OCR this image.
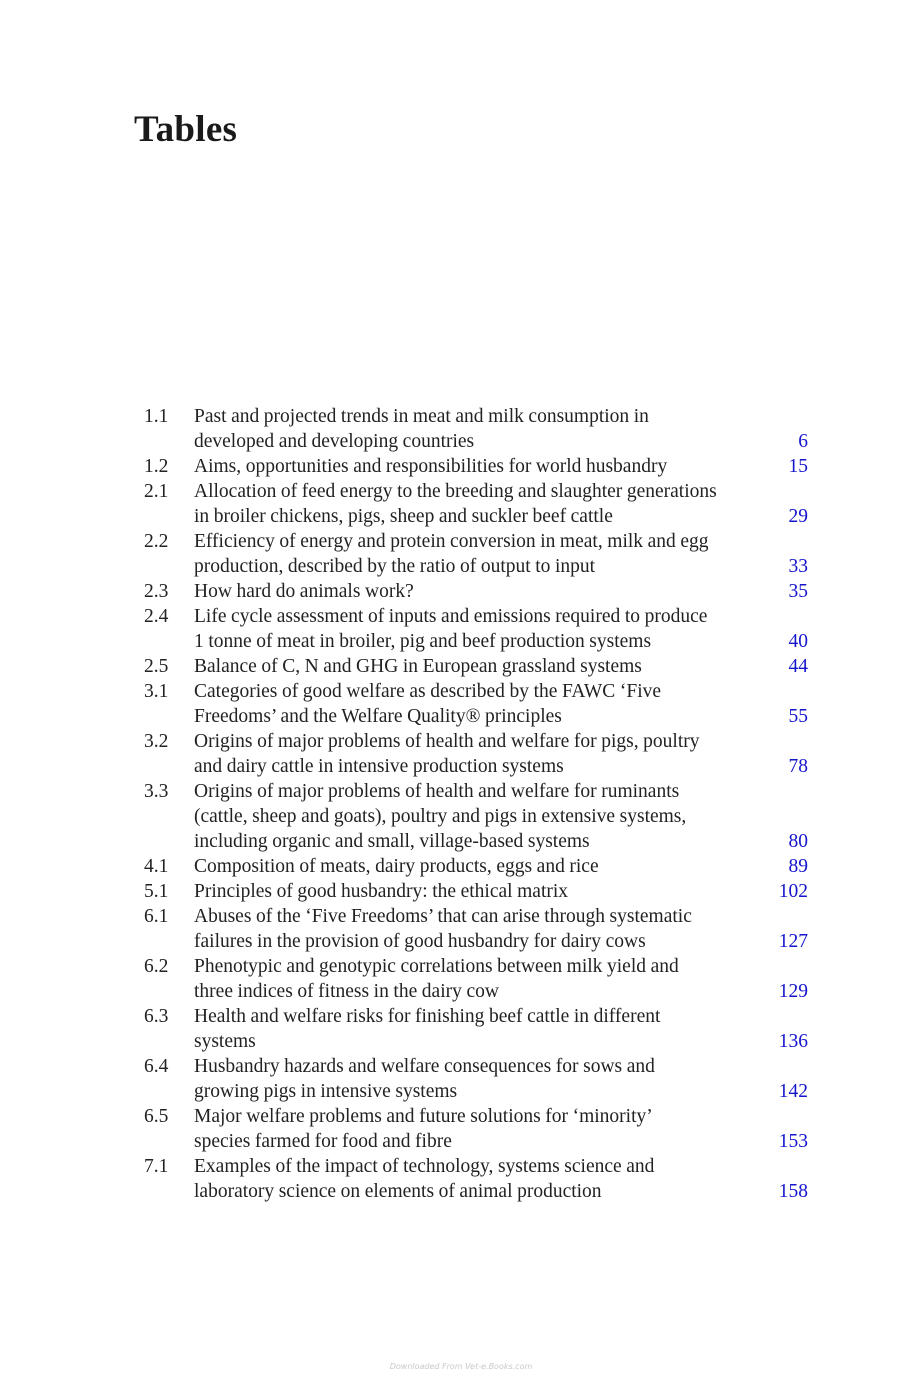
Tables
1.1	Past and projected trends in meat and milk consumption in
developed and developing countries	6
1.2	Aims, opportunities and responsibilities for world husbandry	15
2.1	Allocation of feed energy to the breeding and slaughter generations
in broiler chickens, pigs, sheep and suckler beef cattle	29
2.2	Efficiency of energy and protein conversion in meat, milk and egg
production, described by the ratio of output to input	33
2.3	How hard do animals work?	35
2.4	Life cycle assessment of inputs and emissions required to produce
1 tonne of meat in broiler, pig and beef production systems	40
2.5	Balance of C, N and GHG in European grassland systems	44
3.1	Categories of good welfare as described by the FAWC ‘Five
Freedoms’ and the Welfare Quality® principles	55
3.2	Origins of major problems of health and welfare for pigs, poultry
and dairy cattle in intensive production systems	78
3.3	Origins of major problems of health and welfare for ruminants
(cattle, sheep and goats), poultry and pigs in extensive systems,
including organic and small, village-based systems	80
4.1	Composition of meats, dairy products, eggs and rice	89
5.1	Principles of good husbandry: the ethical matrix	102
6.1	Abuses of the ‘Five Freedoms’ that can arise through systematic
failures in the provision of good husbandry for dairy cows	127
6.2	Phenotypic and genotypic correlations between milk yield and
three indices of fitness in the dairy cow	129
6.3	Health and welfare risks for finishing beef cattle in different
systems	136
6.4	Husbandry hazards and welfare consequences for sows and
growing pigs in intensive systems	142
6.5	Major welfare problems and future solutions for ‘minority’
species farmed for food and fibre	153
7.1	Examples of the impact of technology, systems science and
laboratory science on elements of animal production	158
Downloaded From Vet-e.Books.com
